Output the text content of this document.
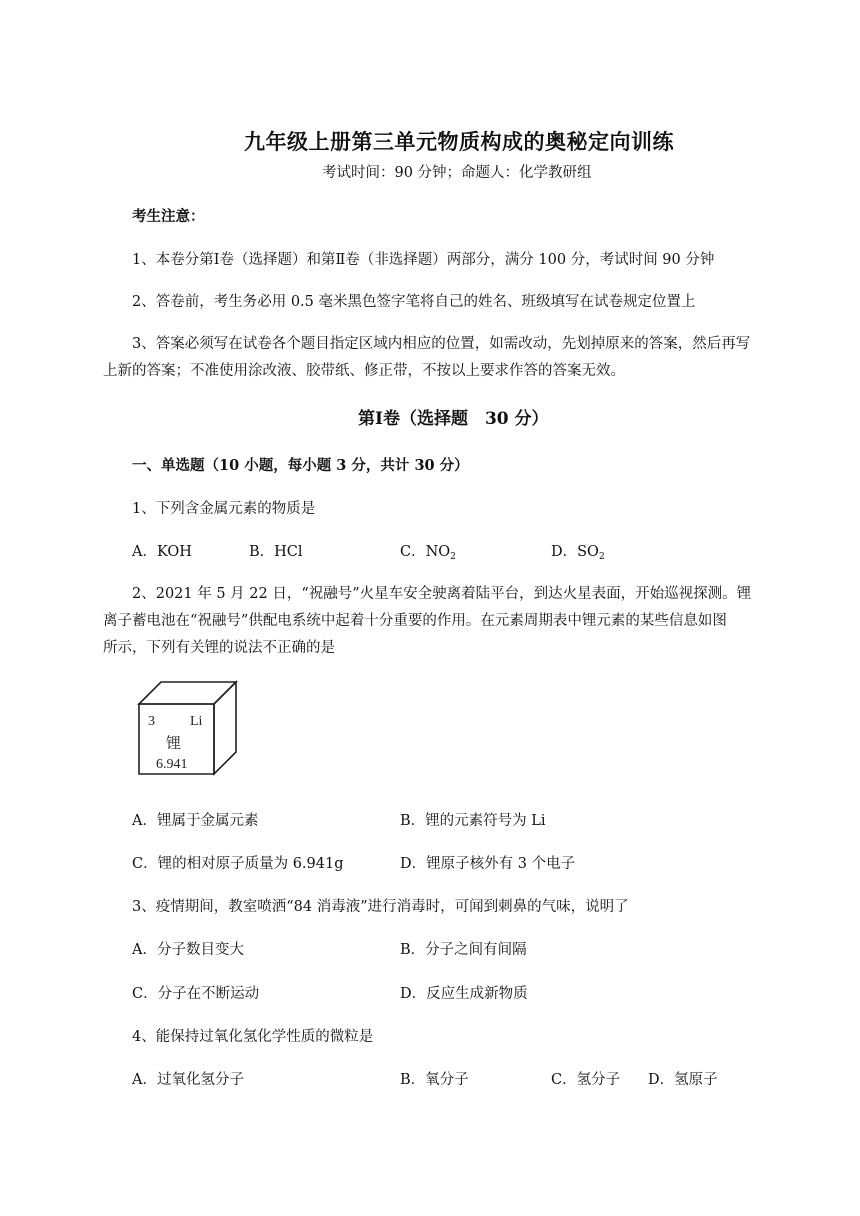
九年级上册第三单元物质构成的奥秘定向训练
考试时间：90 分钟；命题人：化学教研组
考生注意：
1、本卷分第Ⅰ卷（选择题）和第Ⅱ卷（非选择题）两部分，满分 100 分，考试时间 90 分钟
2、答卷前，考生务必用 0.5 毫米黑色签字笔将自己的姓名、班级填写在试卷规定位置上
3、答案必须写在试卷各个题目指定区域内相应的位置，如需改动，先划掉原来的答案，然后再写
上新的答案；不准使用涂改液、胶带纸、修正带，不按以上要求作答的答案无效。
第Ⅰ卷（选择题　30 分）
一、单选题（10 小题，每小题 3 分，共计 30 分）
1、下列含金属元素的物质是
A．KOH	B．HCl	C．$NO_2$	D．$SO_2$
2、2021 年 5 月 22 日，“祝融号”火星车安全驶离着陆平台，到达火星表面，开始巡视探测。锂
离子蓄电池在“祝融号”供配电系统中起着十分重要的作用。在元素周期表中锂元素的某些信息如图
所示，下列有关锂的说法不正确的是
3	Li
锂
6.941
A．锂属于金属元素	B．锂的元素符号为 Li
C．锂的相对原子质量为 6.941g	D．锂原子核外有 3 个电子
3、疫情期间，教室喷洒“84 消毒液”进行消毒时，可闻到刺鼻的气味，说明了
A．分子数目变大	B．分子之间有间隔
C．分子在不断运动	D．反应生成新物质
4、能保持过氧化氢化学性质的微粒是
A．过氧化氢分子	B．氧分子	C．氢分子 D．氢原子
